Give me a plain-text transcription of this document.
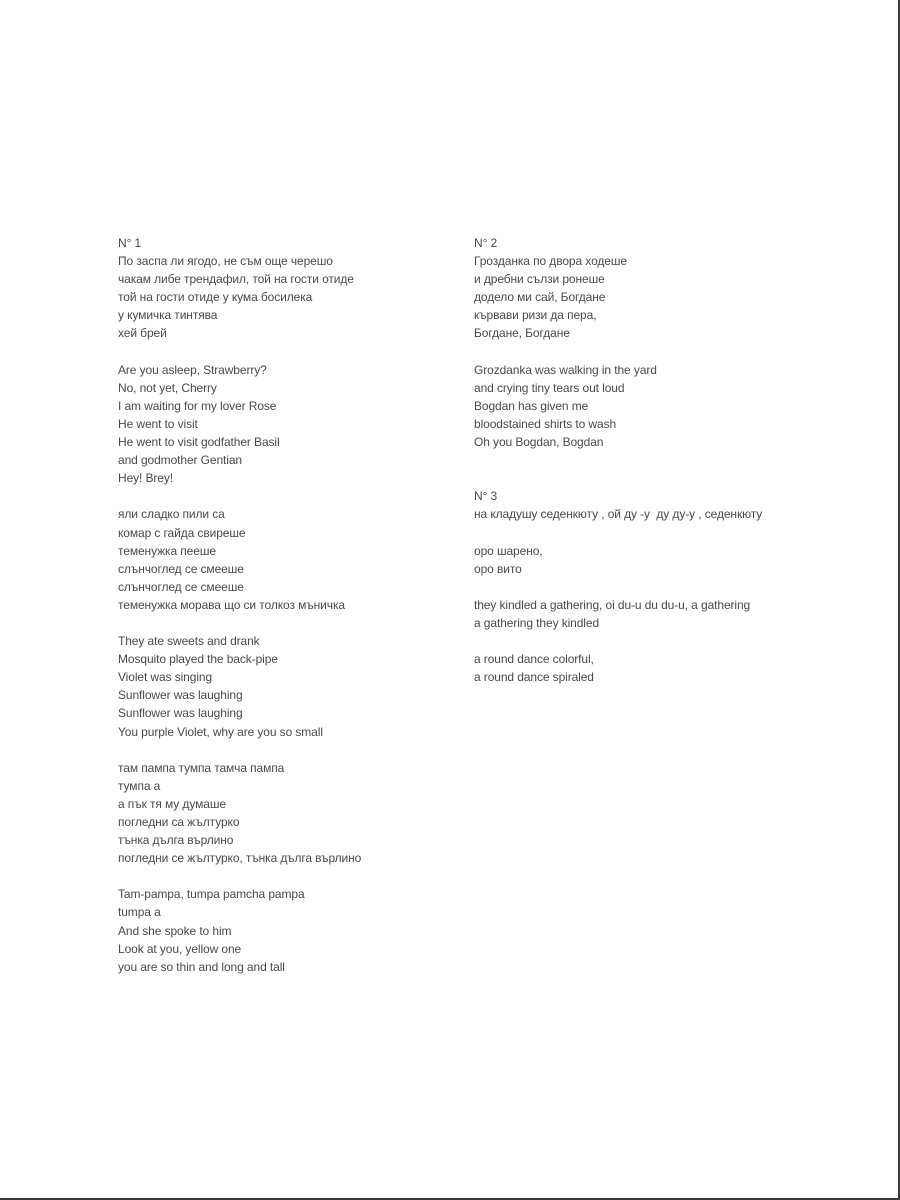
N° 1
По заспа ли ягодо, не съм още черешо
чакам либе трендафил, той на гости отиде
той на гости отиде у кума босилека
у кумичка тинтява
хей брей
Are you asleep, Strawberry?
No, not yet, Cherry
I am waiting for my lover Rose
He went to visit
He went to visit godfather Basil
and godmother Gentian
Hey! Brey!
яли сладко пили са
комар с гайда свиреше
теменужка пееше
слънчоглед се смееше
слънчоглед се смееше
теменужка морава що си толкоз мъничка
They ate sweets and drank
Mosquito played the back-pipe
Violet was singing
Sunflower was laughing
Sunflower was laughing
You purple Violet, why are you so small
там пампа тумпа тамча пампа
тумпа а
а пък тя му думаше
погледни са жълтурко
тънка дълга върлино
погледни се жълтурко, тънка дълга върлино
Tam-pampa, tumpa pamcha pampa
tumpa a
And she spoke to him
Look at you, yellow one
you are so thin and long and tall
N° 2
Грозданка по двора ходеше
и дребни сълзи ронеше
додело ми сай, Богдане
кървави ризи да пера,
Богдане, Богдане
Grozdanka was walking in the yard
and crying tiny tears out loud
Bogdan has given me
bloodstained shirts to wash
Oh you Bogdan, Bogdan
N° 3
на кладушу седенкюту , ой ду -у  ду ду-у , седенкюту
оро шарено,
оро вито
they kindled a gathering, oi du-u du du-u, a gathering
a gathering they kindled
a round dance colorful,
a round dance spiraled
